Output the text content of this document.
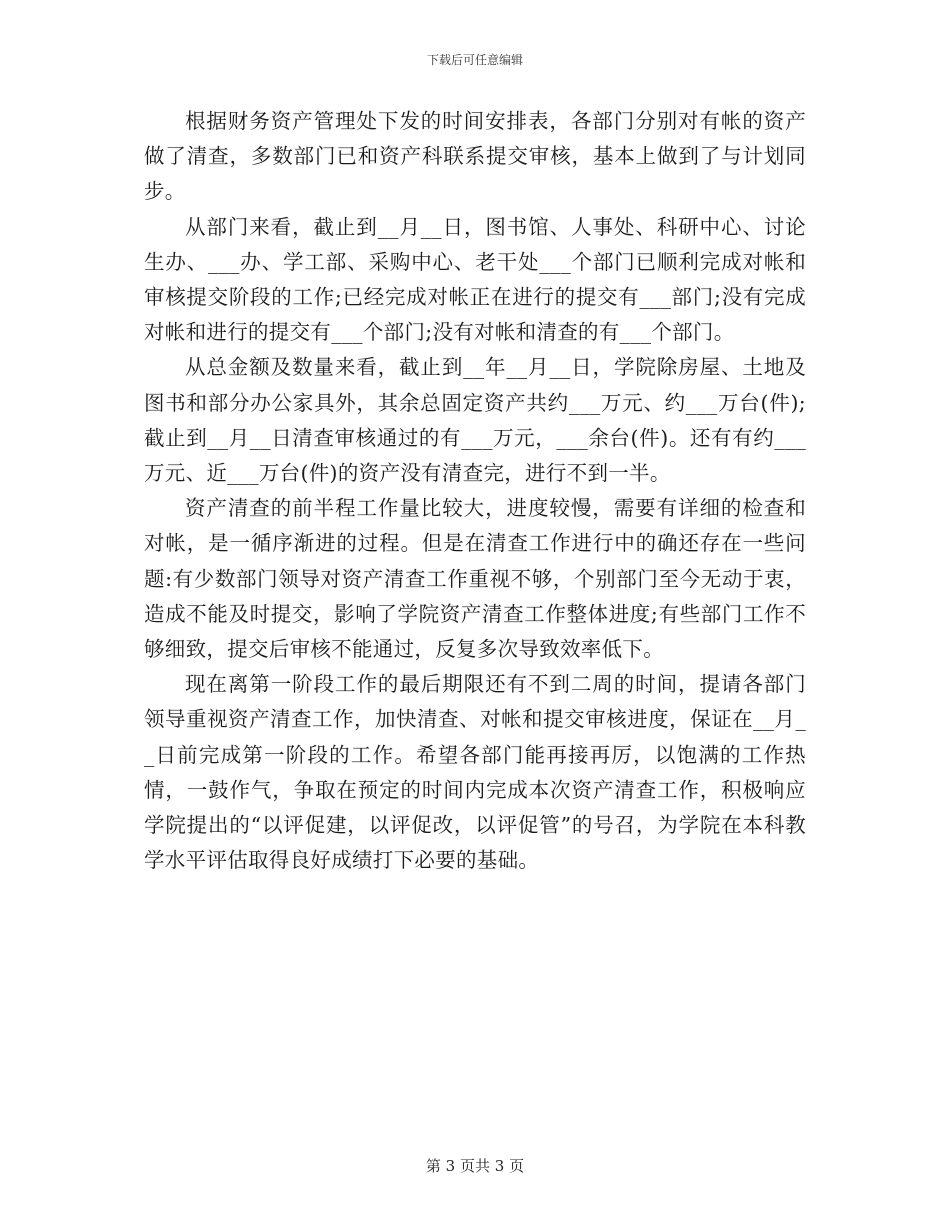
下载后可任意编辑

根据财务资产管理处下发的时间安排表，各部门分别对有帐的资产做了清查，多数部门已和资产科联系提交审核，基本上做到了与计划同步。

从部门来看，截止到__月__日，图书馆、人事处、科研中心、讨论生办、___办、学工部、采购中心、老干处___个部门已顺利完成对帐和审核提交阶段的工作;已经完成对帐正在进行的提交有___部门;没有完成对帐和进行的提交有___个部门;没有对帐和清查的有___个部门。

从总金额及数量来看，截止到__年__月__日，学院除房屋、土地及图书和部分办公家具外，其余总固定资产共约___万元、约___万台(件);截止到__月__日清查审核通过的有___万元，___余台(件)。还有有约___万元、近___万台(件)的资产没有清查完，进行不到一半。

资产清查的前半程工作量比较大，进度较慢，需要有详细的检查和对帐，是一循序渐进的过程。但是在清查工作进行中的确还存在一些问题:有少数部门领导对资产清查工作重视不够，个别部门至今无动于衷，造成不能及时提交，影响了学院资产清查工作整体进度;有些部门工作不够细致，提交后审核不能通过，反复多次导致效率低下。

现在离第一阶段工作的最后期限还有不到二周的时间，提请各部门领导重视资产清查工作，加快清查、对帐和提交审核进度，保证在__月__日前完成第一阶段的工作。希望各部门能再接再厉，以饱满的工作热情，一鼓作气，争取在预定的时间内完成本次资产清查工作，积极响应学院提出的“以评促建，以评促改，以评促管”的号召，为学院在本科教学水平评估取得良好成绩打下必要的基础。

第 3 页共 3 页
